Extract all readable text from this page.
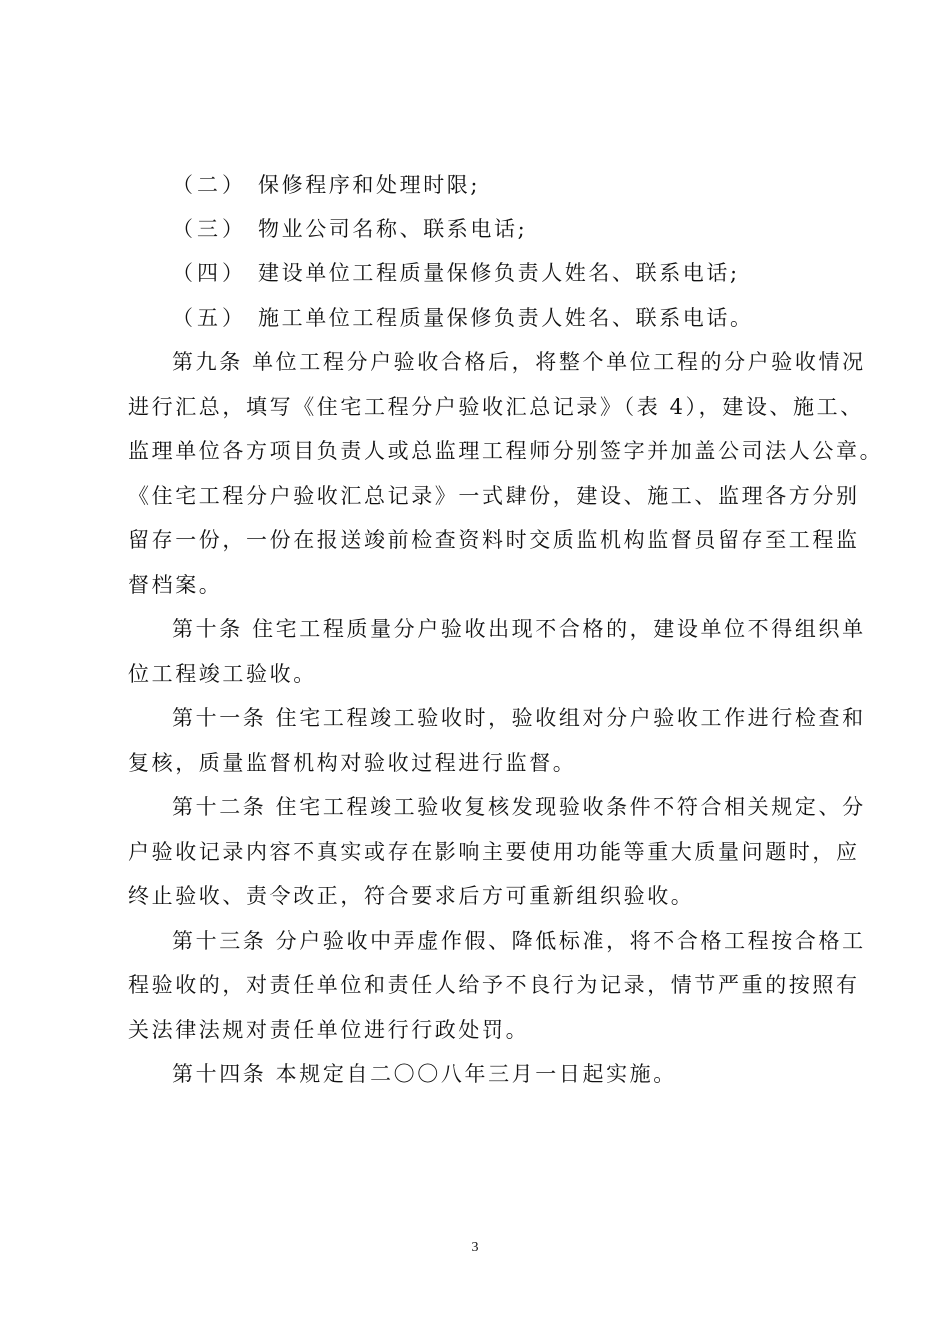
（二） 保修程序和处理时限;
（三） 物业公司名称、联系电话;
（四） 建设单位工程质量保修负责人姓名、联系电话;
（五） 施工单位工程质量保修负责人姓名、联系电话。
第九条 单位工程分户验收合格后，将整个单位工程的分户验收情况
进行汇总，填写《住宅工程分户验收汇总记录》（表 4），建设、施工、
监理单位各方项目负责人或总监理工程师分别签字并加盖公司法人公章。
《住宅工程分户验收汇总记录》一式肆份，建设、施工、监理各方分别
留存一份，一份在报送竣前检查资料时交质监机构监督员留存至工程监
督档案。
第十条 住宅工程质量分户验收出现不合格的，建设单位不得组织单
位工程竣工验收。
第十一条 住宅工程竣工验收时，验收组对分户验收工作进行检查和
复核，质量监督机构对验收过程进行监督。
第十二条 住宅工程竣工验收复核发现验收条件不符合相关规定、分
户验收记录内容不真实或存在影响主要使用功能等重大质量问题时，应
终止验收、责令改正，符合要求后方可重新组织验收。
第十三条 分户验收中弄虚作假、降低标准，将不合格工程按合格工
程验收的，对责任单位和责任人给予不良行为记录，情节严重的按照有
关法律法规对责任单位进行行政处罚。
第十四条 本规定自二〇〇八年三月一日起实施。
3
